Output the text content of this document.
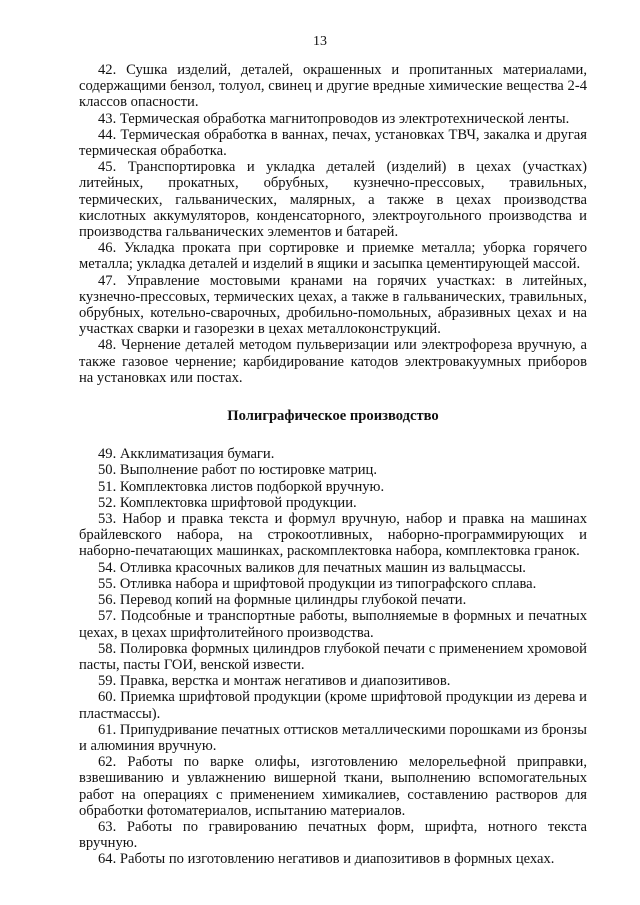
13

42. Сушка изделий, деталей, окрашенных и пропитанных материалами, содержащими бензол, толуол, свинец и другие вредные химические вещества 2-4 классов опасности.

43. Термическая обработка магнитопроводов из электротехнической ленты.

44. Термическая обработка в ваннах, печах, установках ТВЧ, закалка и другая термическая обработка.

45. Транспортировка и укладка деталей (изделий) в цехах (участках) литейных, прокатных, обрубных, кузнечно-прессовых, травильных, термических, гальванических, малярных, а также в цехах производства кислотных аккумуляторов, конденсаторного, электроугольного производства и производства гальванических элементов и батарей.

46. Укладка проката при сортировке и приемке металла; уборка горячего металла; укладка деталей и изделий в ящики и засыпка цементирующей массой.

47. Управление мостовыми кранами на горячих участках: в литейных, кузнечно-прессовых, термических цехах, а также в гальванических, травильных, обрубных, котельно-сварочных, дробильно-помольных, абразивных цехах и на участках сварки и газорезки в цехах металлоконструкций.

48. Чернение деталей методом пульверизации или электрофореза вручную, а также газовое чернение; карбидирование катодов электровакуумных приборов на установках или постах.

Полиграфическое производство

49. Акклиматизация бумаги.

50. Выполнение работ по юстировке матриц.

51. Комплектовка листов подборкой вручную.

52. Комплектовка шрифтовой продукции.

53. Набор и правка текста и формул вручную, набор и правка на машинах брайлевского набора, на строкоотливных, наборно-программирующих и наборно-печатающих машинках, раскомплектовка набора, комплектовка гранок.

54. Отливка красочных валиков для печатных машин из вальцмассы.

55. Отливка набора и шрифтовой продукции из типографского сплава.

56. Перевод копий на формные цилиндры глубокой печати.

57. Подсобные и транспортные работы, выполняемые в формных и печатных цехах, в цехах шрифтолитейного производства.

58. Полировка формных цилиндров глубокой печати с применением хромовой пасты, пасты ГОИ, венской извести.

59. Правка, верстка и монтаж негативов и диапозитивов.

60. Приемка шрифтовой продукции (кроме шрифтовой продукции из дерева и пластмассы).

61. Припудривание печатных оттисков металлическими порошками из бронзы и алюминия вручную.

62. Работы по варке олифы, изготовлению мелорельефной приправки, взвешиванию и увлажнению вишерной ткани, выполнению вспомогательных работ на операциях с применением химикалиев, составлению растворов для обработки фотоматериалов, испытанию материалов.

63. Работы по гравированию печатных форм, шрифта, нотного текста вручную.

64. Работы по изготовлению негативов и диапозитивов в формных цехах.
